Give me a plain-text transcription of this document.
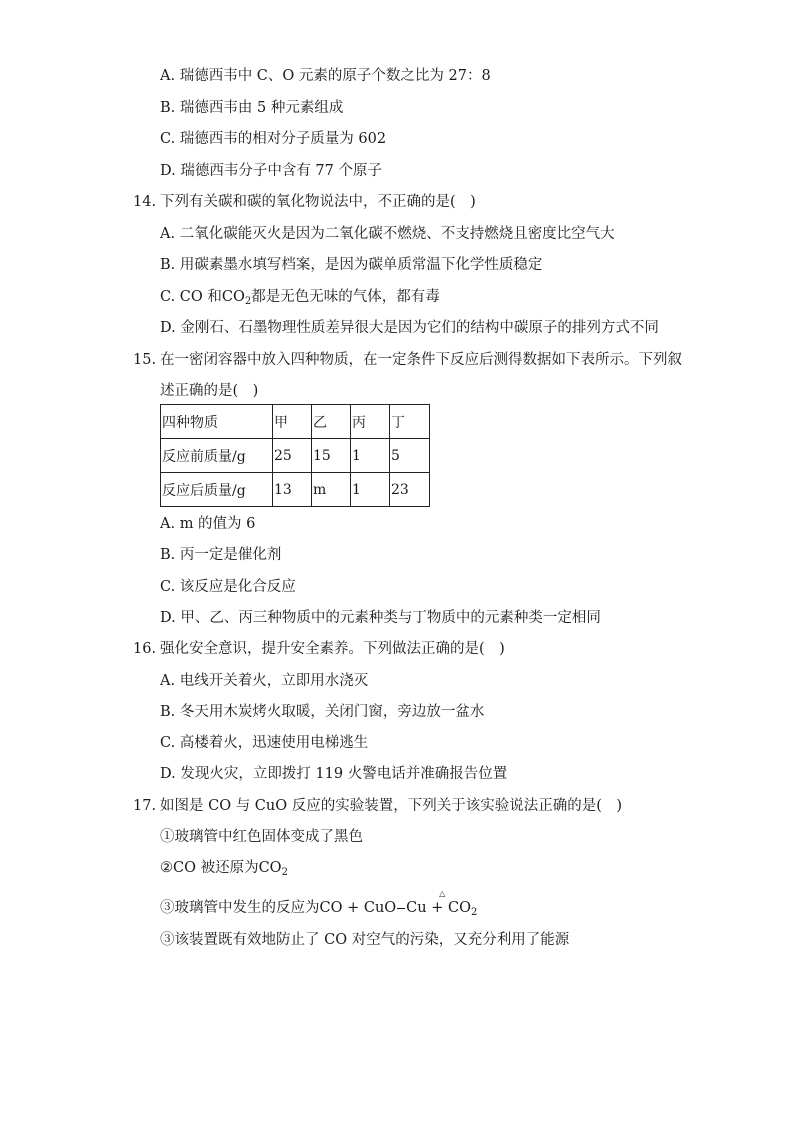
A. 瑞德西韦中 C、O 元素的原子个数之比为 27：8
B. 瑞德西韦由 5 种元素组成
C. 瑞德西韦的相对分子质量为 602
D. 瑞德西韦分子中含有 77 个原子
14. 下列有关碳和碳的氧化物说法中，不正确的是(　)
A. 二氧化碳能灭火是因为二氧化碳不燃烧、不支持燃烧且密度比空气大
B. 用碳素墨水填写档案，是因为碳单质常温下化学性质稳定
C. CO 和$CO_2$都是无色无味的气体，都有毒
D. 金刚石、石墨物理性质差异很大是因为它们的结构中碳原子的排列方式不同
15. 在一密闭容器中放入四种物质，在一定条件下反应后测得数据如下表所示。下列叙
述正确的是(　)
四种物质	甲	乙	丙	丁
反应前质量/g	25	15	1	5
反应后质量/g	13	m	1	23
A. m 的值为 6
B. 丙一定是催化剂
C. 该反应是化合反应
D. 甲、乙、丙三种物质中的元素种类与丁物质中的元素种类一定相同
16. 强化安全意识，提升安全素养。下列做法正确的是(　)
A. 电线开关着火，立即用水浇灭
B. 冬天用木炭烤火取暖，关闭门窗，旁边放一盆水
C. 高楼着火，迅速使用电梯逃生
D. 发现火灾，立即拨打 119 火警电话并准确报告位置
17. 如图是 CO 与 CuO 反应的实验装置，下列关于该实验说法正确的是(　)
①玻璃管中红色固体变成了黑色
②CO 被还原为$CO_2$
③玻璃管中发生的反应为CO + CuO
△
$Cu + CO_2$
③该装置既有效地防止了 CO 对空气的污染，又充分利用了能源
